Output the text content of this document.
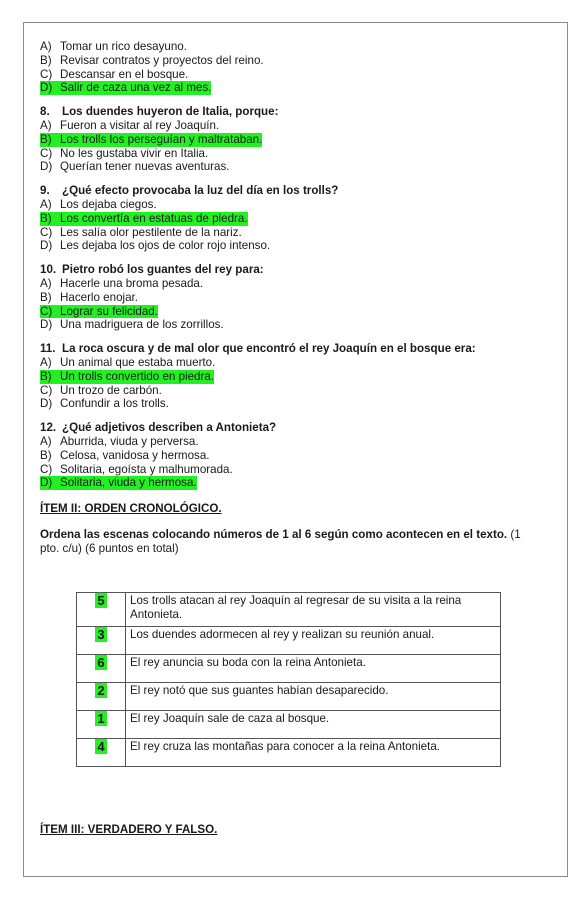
A) Tomar un rico desayuno.
B) Revisar contratos y proyectos del reino.
C) Descansar en el bosque.
D) Salir de caza una vez al mes.
8.	Los duendes huyeron de Italia, porque:
A) Fueron a visitar al rey Joaquín.
B) Los trolls los perseguían y maltrataban.
C) No les gustaba vivir en Italia.
D) Querían tener nuevas aventuras.
9.	¿Qué efecto provocaba la luz del día en los trolls?
A) Los dejaba ciegos.
B) Los convertía en estatuas de piedra.
C) Les salía olor pestilente de la nariz.
D) Les dejaba los ojos de color rojo intenso.
10. Pietro robó los guantes del rey para:
A) Hacerle una broma pesada.
B) Hacerlo enojar.
C) Lograr su felicidad.
D) Una madriguera de los zorrillos.
11. La roca oscura y de mal olor que encontró el rey Joaquín en el bosque era:
A) Un animal que estaba muerto.
B) Un trolls convertido en piedra.
C) Un trozo de carbón.
D) Confundir a los trolls.
12. ¿Qué adjetivos describen a Antonieta?
A) Aburrida, viuda y perversa.
B) Celosa, vanidosa y hermosa.
C) Solitaria, egoísta y malhumorada.
D) Solitaria, viuda y hermosa.
ÍTEM II: ORDEN CRONOLÓGICO.
Ordena las escenas colocando números de 1 al 6 según como acontecen en el texto. (1 pto. c/u) (6 puntos en total)
5	Los trolls atacan al rey Joaquín al regresar de su visita a la reina Antonieta.
3	Los duendes adormecen al rey y realizan su reunión anual.
6	El rey anuncia su boda con la reina Antonieta.
2	El rey notó que sus guantes habían desaparecido.
1	El rey Joaquín sale de caza al bosque.
4	El rey cruza las montañas para conocer a la reina Antonieta.
ÍTEM III: VERDADERO Y FALSO.
